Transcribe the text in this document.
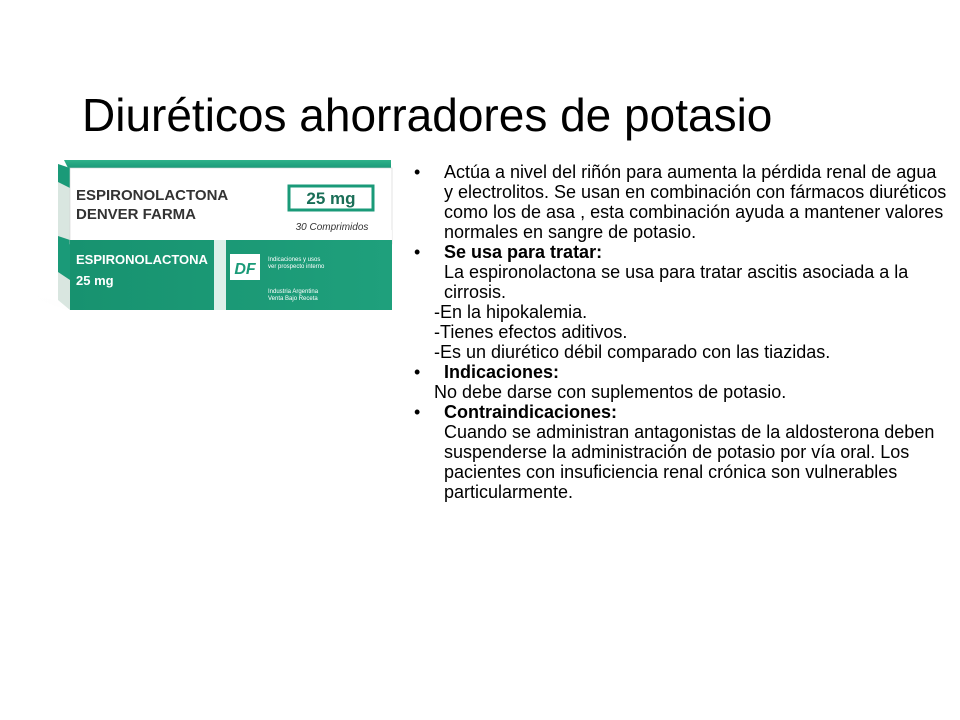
Diuréticos ahorradores de potasio
ESPIRONOLACTONA
DENVER FARMA
25 mg
30 Comprimidos
ESPIRONOLACTONA
25 mg
DF
Indicaciones y usos
ver prospecto interno
Industria Argentina
Venta Bajo Receta

• Actúa a nivel del riñón para aumenta la pérdida renal de agua y electrolitos. Se usan en combinación con fármacos diuréticos como los de asa , esta combinación ayuda a mantener valores normales en sangre de potasio.

• Se usa para tratar:

La espironolactona se usa para tratar ascitis asociada a la cirrosis.

-En la hipokalemia.

-Tienes efectos aditivos.

-Es un diurético débil comparado con las tiazidas.

• Indicaciones:

No debe darse con suplementos de potasio.

• Contraindicaciones:

Cuando se administran antagonistas de la aldosterona deben suspenderse la administración de potasio por vía oral. Los pacientes con insuficiencia renal crónica son vulnerables particularmente.
